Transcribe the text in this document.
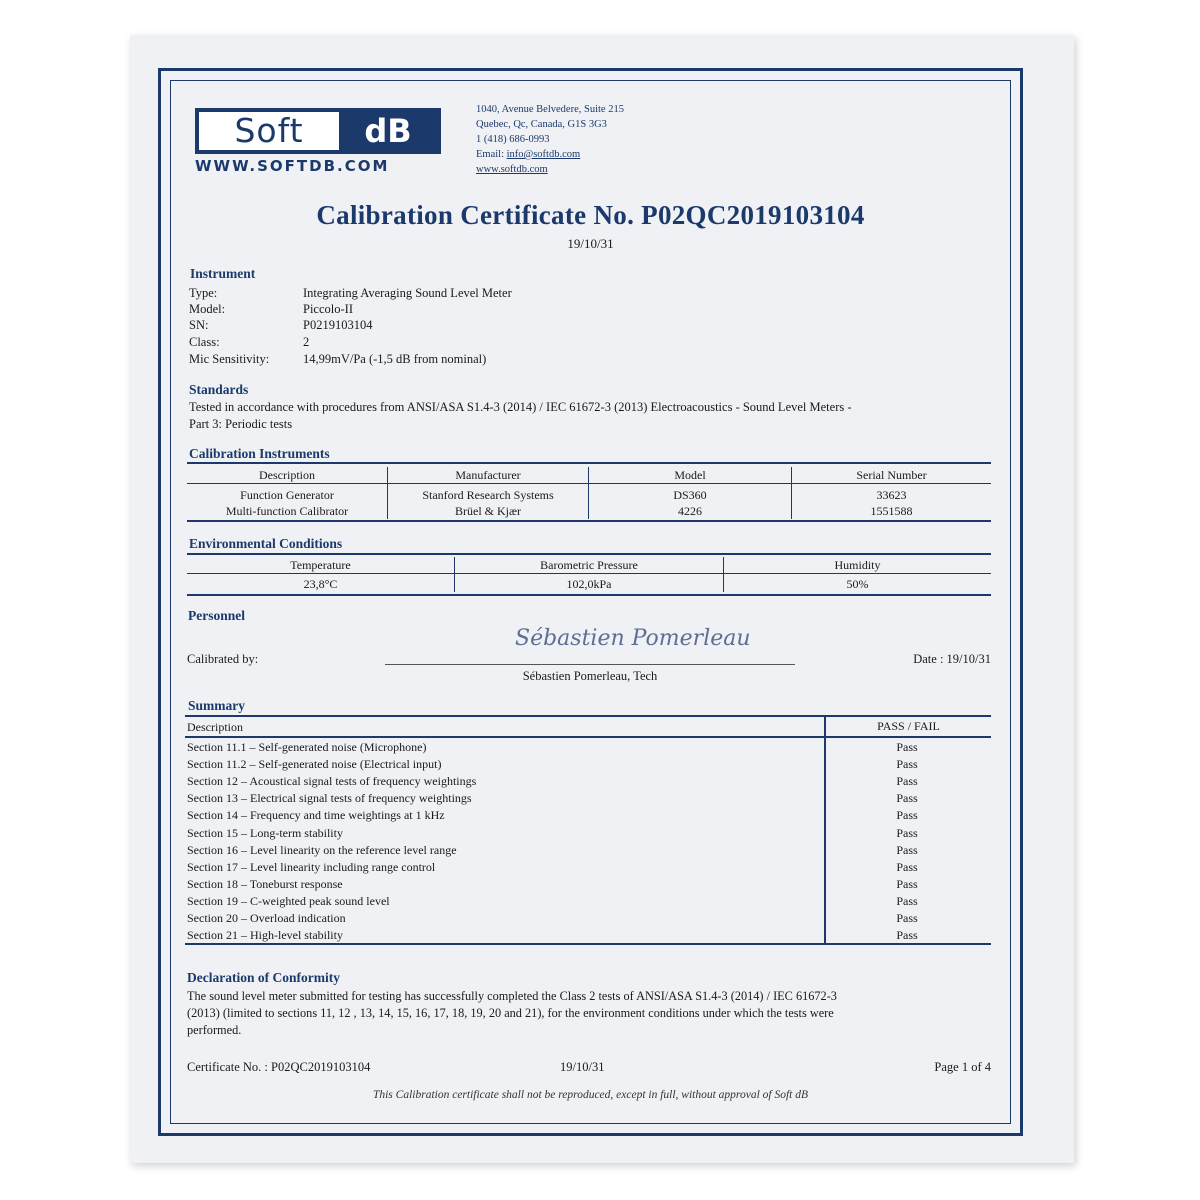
Soft	dB
WWW.SOFTDB.COM
1040, Avenue Belvedere, Suite 215
Quebec, Qc, Canada, G1S 3G3
1 (418) 686-0993
Email: info@softdb.com
www.softdb.com
Calibration Certificate No. P02QC2019103104
19/10/31
Instrument
Type:	Integrating Averaging Sound Level Meter
Model:	Piccolo-II
SN:	P0219103104
Class:	2
Mic Sensitivity:	14,99mV/Pa (-1,5 dB from nominal)
Standards
Tested in accordance with procedures from ANSI/ASA S1.4-3 (2014) / IEC 61672-3 (2013) Electroacoustics - Sound Level Meters -
Part 3: Periodic tests
Calibration Instruments
Description	Manufacturer	Model	Serial Number
Function Generator	Stanford Research Systems	DS360	33623
Multi-function Calibrator	Brüel & Kjær	4226	1551588
Environmental Conditions
Temperature	Barometric Pressure	Humidity
23,8°C	102,0kPa	50%
Personnel
Calibrated by:
Sébastien Pomerleau
Sébastien Pomerleau, Tech
Date : 19/10/31
Summary
Description	PASS / FAIL
Section 11.1 – Self-generated noise (Microphone)	Pass
Section 11.2 – Self-generated noise (Electrical input)	Pass
Section 12 – Acoustical signal tests of frequency weightings	Pass
Section 13 – Electrical signal tests of frequency weightings	Pass
Section 14 – Frequency and time weightings at 1 kHz	Pass
Section 15 – Long-term stability	Pass
Section 16 – Level linearity on the reference level range	Pass
Section 17 – Level linearity including range control	Pass
Section 18 – Toneburst response	Pass
Section 19 – C-weighted peak sound level	Pass
Section 20 – Overload indication	Pass
Section 21 – High-level stability	Pass
Declaration of Conformity
The sound level meter submitted for testing has successfully completed the Class 2 tests of ANSI/ASA S1.4-3 (2014) / IEC 61672-3
(2013) (limited to sections 11, 12 , 13, 14, 15, 16, 17, 18, 19, 20 and 21), for the environment conditions under which the tests were
performed.
Certificate No. : P02QC2019103104	19/10/31	Page 1 of 4
This Calibration certificate shall not be reproduced, except in full, without approval of Soft dB
